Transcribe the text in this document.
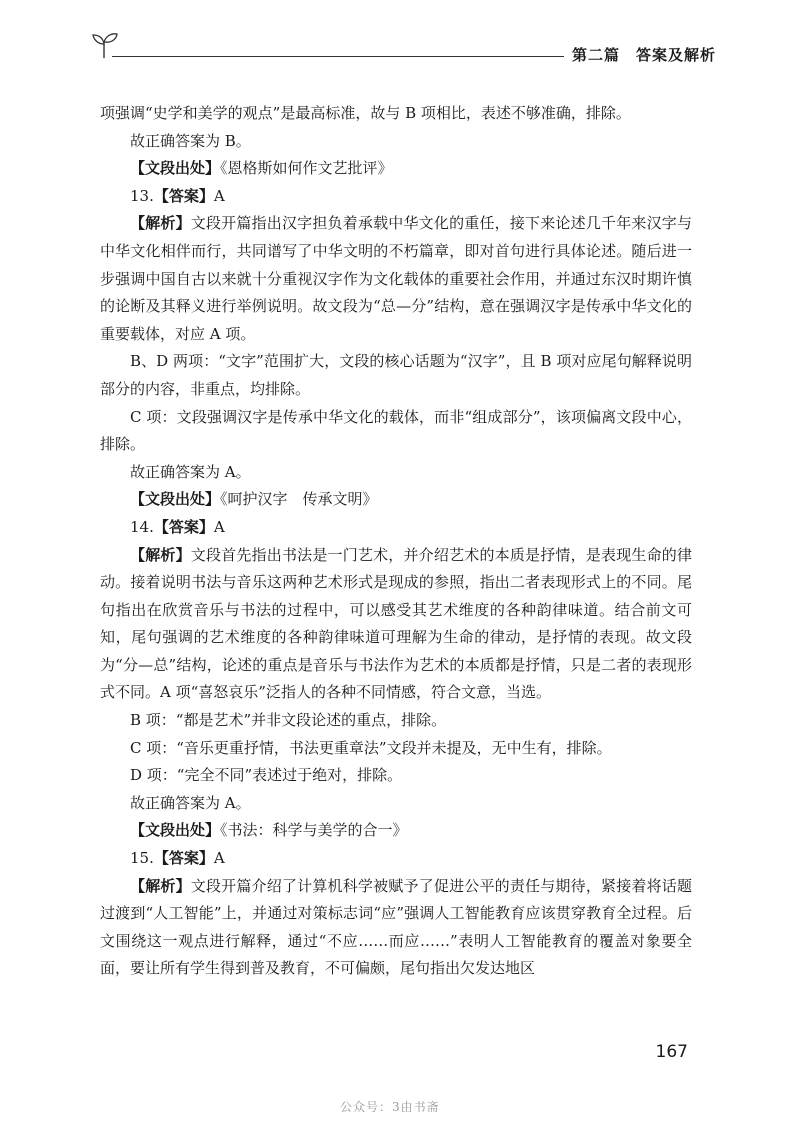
第二篇　答案及解析

项强调“史学和美学的观点”是最高标准，故与 B 项相比，表述不够准确，排除。

故正确答案为 B。

【文段出处】《恩格斯如何作文艺批评》

13.【答案】A

【解析】文段开篇指出汉字担负着承载中华文化的重任，接下来论述几千年来汉字与中华文化相伴而行，共同谱写了中华文明的不朽篇章，即对首句进行具体论述。随后进一步强调中国自古以来就十分重视汉字作为文化载体的重要社会作用，并通过东汉时期许慎的论断及其释义进行举例说明。故文段为“总—分”结构，意在强调汉字是传承中华文化的重要载体，对应 A 项。

B、D 两项：“文字”范围扩大，文段的核心话题为“汉字”，且 B 项对应尾句解释说明部分的内容，非重点，均排除。

C 项：文段强调汉字是传承中华文化的载体，而非“组成部分”，该项偏离文段中心，排除。

故正确答案为 A。

【文段出处】《呵护汉字　传承文明》

14.【答案】A

【解析】文段首先指出书法是一门艺术，并介绍艺术的本质是抒情，是表现生命的律动。接着说明书法与音乐这两种艺术形式是现成的参照，指出二者表现形式上的不同。尾句指出在欣赏音乐与书法的过程中，可以感受其艺术维度的各种韵律味道。结合前文可知，尾句强调的艺术维度的各种韵律味道可理解为生命的律动，是抒情的表现。故文段为“分—总”结构，论述的重点是音乐与书法作为艺术的本质都是抒情，只是二者的表现形式不同。A 项“喜怒哀乐”泛指人的各种不同情感，符合文意，当选。

B 项：“都是艺术”并非文段论述的重点，排除。

C 项：“音乐更重抒情，书法更重章法”文段并未提及，无中生有，排除。

D 项：“完全不同”表述过于绝对，排除。

故正确答案为 A。

【文段出处】《书法：科学与美学的合一》

15.【答案】A

【解析】文段开篇介绍了计算机科学被赋予了促进公平的责任与期待，紧接着将话题过渡到“人工智能”上，并通过对策标志词“应”强调人工智能教育应该贯穿教育全过程。后文围绕这一观点进行解释，通过“不应……而应……”表明人工智能教育的覆盖对象要全面，要让所有学生得到普及教育，不可偏颇，尾句指出欠发达地区

167
公众号：3由书斋
